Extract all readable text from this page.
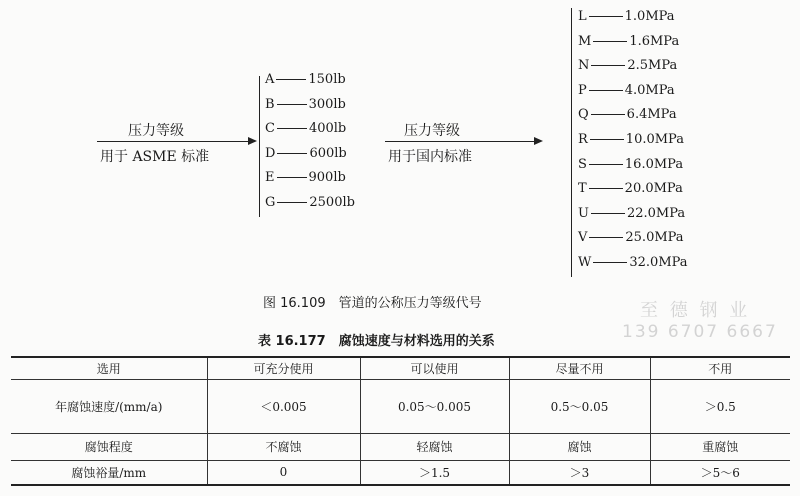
压力等级
用于 ASME 标准
A	150lb
B	300lb
C	400lb
D	600lb
E	900lb
G	2500lb
压力等级
用于国内标准
L	1.0MPa
M	1.6MPa
N	2.5MPa
P	4.0MPa
Q	6.4MPa
R	10.0MPa
S	16.0MPa
T	20.0MPa
U	22.0MPa
V	25.0MPa
W	32.0MPa
图 16.109　管道的公称压力等级代号
表 16.177　腐蚀速度与材料选用的关系
至 德 钢 业
139 6707 6667
选用	可充分使用	可以使用	尽量不用	不用
年腐蚀速度/(mm/a)	＜0.005	0.05～0.005	0.5～0.05	＞0.5
腐蚀程度	不腐蚀	轻腐蚀	腐蚀	重腐蚀
腐蚀裕量/mm	0	＞1.5	＞3	＞5～6
